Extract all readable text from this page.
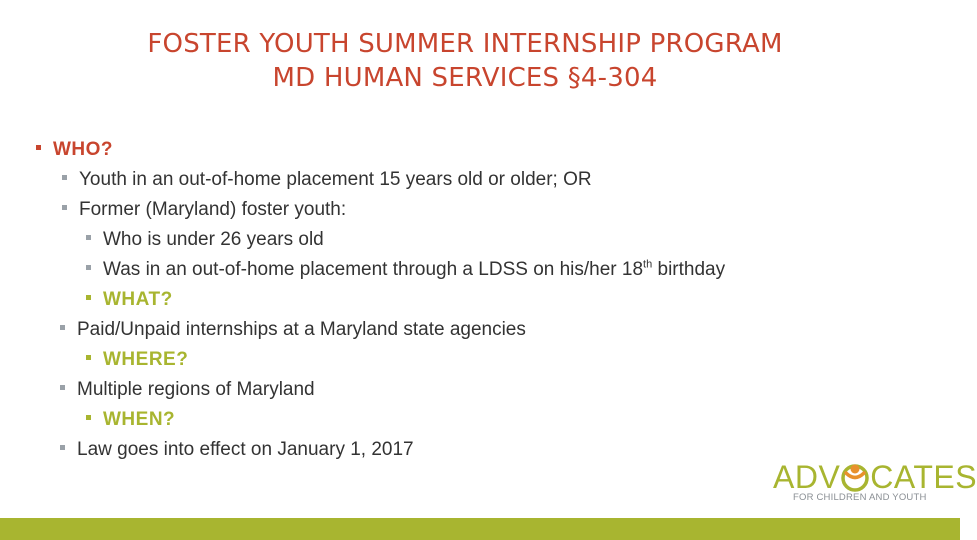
FOSTER YOUTH SUMMER INTERNSHIP PROGRAM
MD HUMAN SERVICES §4-304
WHO?
Youth in an out-of-home placement 15 years old or older; OR
Former (Maryland) foster youth:
Who is under 26 years old
Was in an out-of-home placement through a LDSS on his/her 18th birthday
WHAT?
Paid/Unpaid internships at a Maryland state agencies
WHERE?
Multiple regions of Maryland
WHEN?
Law goes into effect on January 1, 2017
ADV CATES
FOR CHILDREN AND YOUTH
